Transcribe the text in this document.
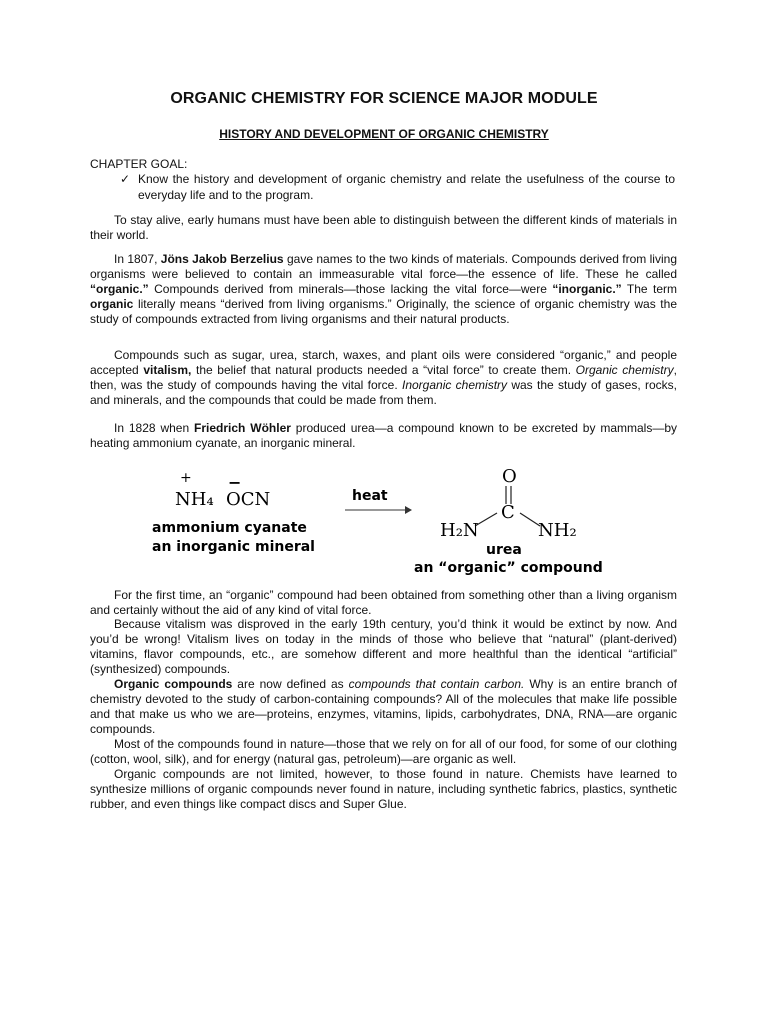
ORGANIC CHEMISTRY FOR SCIENCE MAJOR MODULE
HISTORY AND DEVELOPMENT OF ORGANIC CHEMISTRY
CHAPTER GOAL:
✓ Know the history and development of organic chemistry and relate the usefulness of the course to everyday life and to the program.

To stay alive, early humans must have been able to distinguish between the different kinds of materials in their world.

In 1807, Jöns Jakob Berzelius gave names to the two kinds of materials. Compounds derived from living organisms were believed to contain an immeasurable vital force—the essence of life. These he called “organic.” Compounds derived from minerals—those lacking the vital force—were “inorganic.” The term organic literally means “derived from living organisms.” Originally, the science of organic chemistry was the study of compounds extracted from living organisms and their natural products.

Compounds such as sugar, urea, starch, waxes, and plant oils were considered “organic,” and people accepted vitalism, the belief that natural products needed a “vital force” to create them. Organic chemistry, then, was the study of compounds having the vital force. Inorganic chemistry was the study of gases, rocks, and minerals, and the compounds that could be made from them.

In 1828 when Friedrich Wöhler produced urea—a compound known to be excreted by mammals—by heating ammonium cyanate, an inorganic mineral.

+
NH₄
−
OCN
ammonium cyanate
an inorganic mineral
heat
O
C
H₂N	NH₂
urea
an “organic” compound

For the first time, an “organic” compound had been obtained from something other than a living organism and certainly without the aid of any kind of vital force.

Because vitalism was disproved in the early 19th century, you’d think it would be extinct by now. And you’d be wrong! Vitalism lives on today in the minds of those who believe that “natural” (plant-derived) vitamins, flavor compounds, etc., are somehow different and more healthful than the identical “artificial” (synthesized) compounds.

Organic compounds are now defined as compounds that contain carbon. Why is an entire branch of chemistry devoted to the study of carbon-containing compounds? All of the molecules that make life possible and that make us who we are—proteins, enzymes, vitamins, lipids, carbohydrates, DNA, RNA—are organic compounds.

Most of the compounds found in nature—those that we rely on for all of our food, for some of our clothing (cotton, wool, silk), and for energy (natural gas, petroleum)—are organic as well.

Organic compounds are not limited, however, to those found in nature. Chemists have learned to synthesize millions of organic compounds never found in nature, including synthetic fabrics, plastics, synthetic rubber, and even things like compact discs and Super Glue.
